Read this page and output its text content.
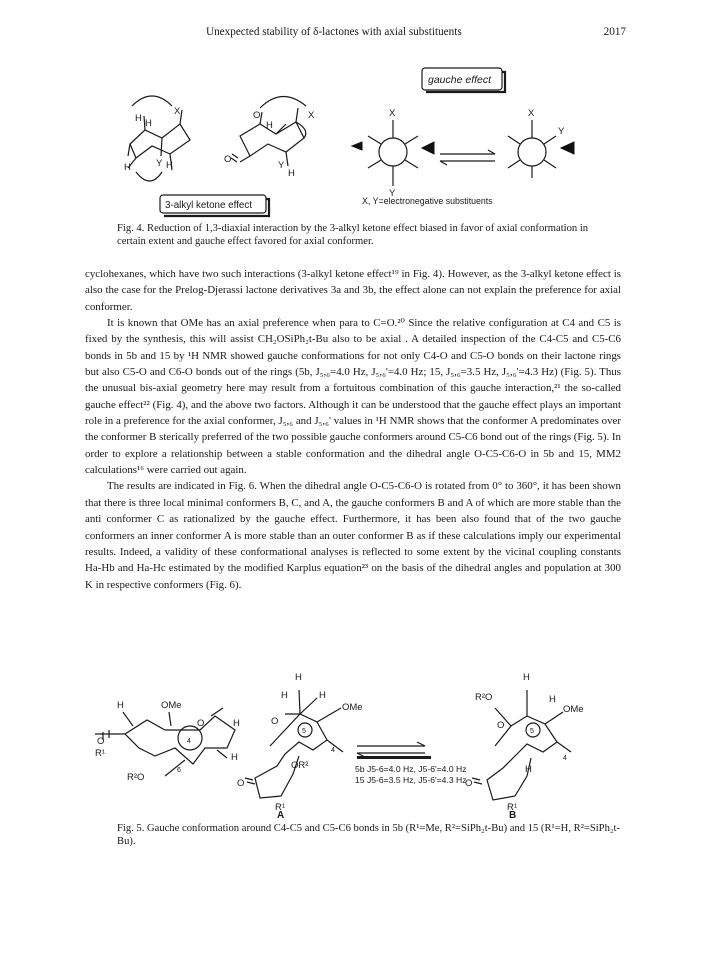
Unexpected stability of δ-lactones with axial substituents	2017
H H
X
H	Y H
O
O
H
X
Y
H
X
Y
X
Y
gauche effect
3-alkyl ketone effect	X, Y=electronegative substituents
Fig. 4. Reduction of 1,3-diaxial interaction by the 3-alkyl ketone effect biased in favor of axial conformation in certain extent and gauche effect favored for axial conformer.

cyclohexanes, which have two such interactions (3-alkyl ketone effect¹⁹ in Fig. 4). However, as the 3-alkyl ketone effect is also the case for the Prelog-Djerassi lactone derivatives 3a and 3b, the effect alone can not explain the preference for axial conformer.

It is known that OMe has an axial preference when para to C=O.²⁰ Since the relative configuration at C4 and C5 is fixed by the synthesis, this will assist CH₂OSiPh₂t-Bu also to be axial . A detailed inspection of the C4-C5 and C5-C6 bonds in 5b and 15 by ¹H NMR showed gauche conformations for not only C4-O and C5-O bonds on their lactone rings but also C5-O and C6-O bonds out of the rings (5b, J₅,₆=4.0 Hz, J₅,₆'=4.0 Hz; 15, J₅,₆=3.5 Hz, J₅,₆'=4.3 Hz) (Fig. 5). Thus the unusual bis-axial geometry here may result from a fortuitous combination of this gauche interaction,²¹ the so-called gauche effect²² (Fig. 4), and the above two factors. Although it can be understood that the gauche effect plays an important role in a preference for the axial conformer, J₅,₆ and J₅,₆' values in ¹H NMR shows that the conformer A predominates over the conformer B sterically preferred of the two possible gauche conformers around C5-C6 bond out of the rings (Fig. 5). In order to explore a relationship between a stable conformation and the dihedral angle O-C5-C6-O in 5b and 15, MM2 calculations¹⁶ were carried out again.

The results are indicated in Fig. 6. When the dihedral angle O-C5-C6-O is rotated from 0° to 360°, it has been shown that there is three local minimal conformers B, C, and A, the gauche conformers B and A of which are more stable than the anti conformer C as rationalized by the gauche effect. Furthermore, it has been also found that of the two gauche conformers an inner conformer A is more stable than an outer conformer B as if these calculations imply our experimental results. Indeed, a validity of these conformational analyses is reflected to some extent by the vicinal coupling constants Ha-Hb and Ha-Hc estimated by the modified Karplus equation²³ on the basis of the dihedral angles and population at 300 K in respective conformers (Fig. 6).

H	OMe
O	H
O
R¹
4
6
H
R²O
H
H	H
OMe
O
5
4
OR²
O
R¹
A
H
R²O	H
OMe
O
5
4
H
O
R¹
B
5b J5-6=4.0 Hz, J5-6'=4.0 Hz
15 J5-6=3.5 Hz, J5-6'=4.3 Hz
Fig. 5. Gauche conformation around C4-C5 and C5-C6 bonds in 5b (R¹=Me, R²=SiPh₂t-Bu) and 15 (R¹=H, R²=SiPh₂t-Bu).
